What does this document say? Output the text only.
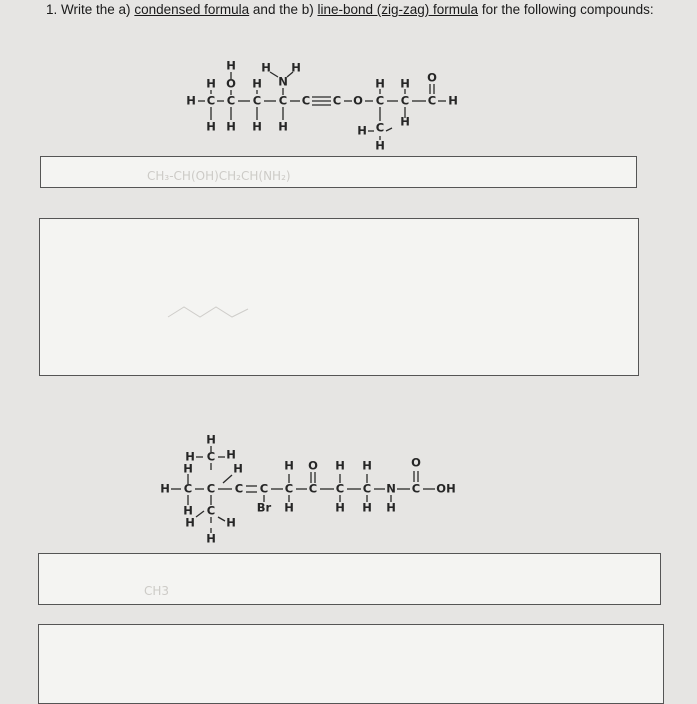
1. Write the a) condensed formula and the b) line-bond (zig-zag) formula for the following compounds:
H H H
H O H N	H H O
H C C C C C C O C C C H
H H H H	H C H
H
CH₃-CH(OH)CH₂CH(NH₂)
H
H C H
H	H	H O H H	O
H C C C C C C C C N C OH
H	Br H	H H H
H
C
H
H
CH3
